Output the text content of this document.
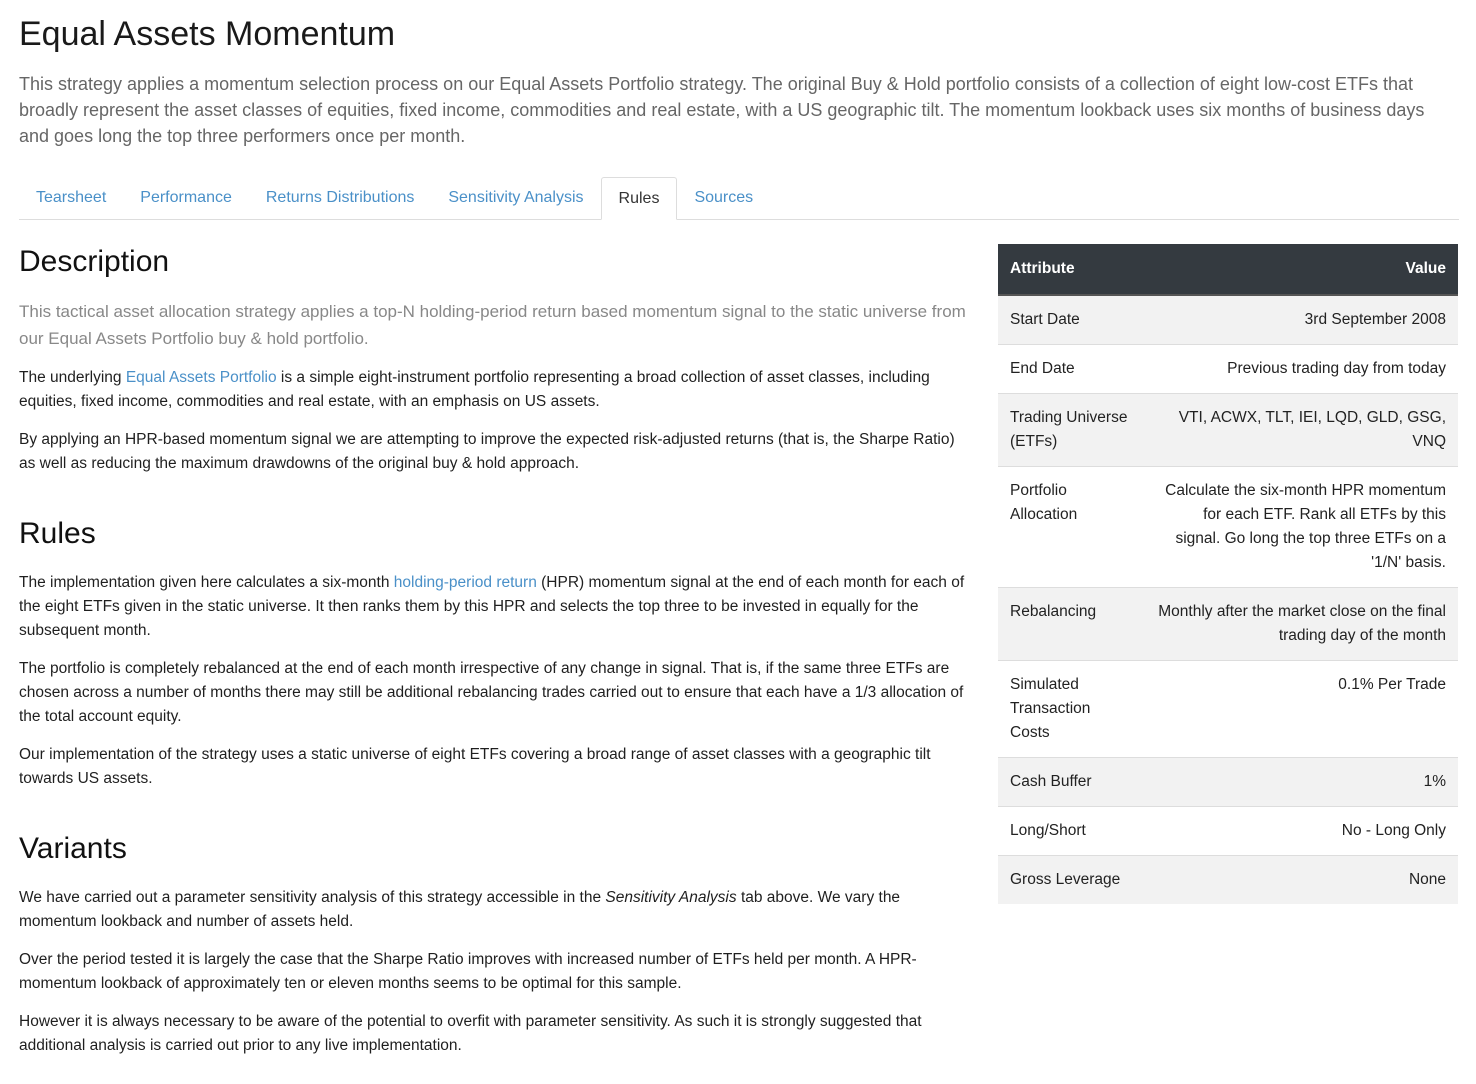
Equal Assets Momentum

This strategy applies a momentum selection process on our Equal Assets Portfolio strategy. The original Buy & Hold portfolio consists of a collection of eight low-cost ETFs that broadly represent the asset classes of equities, fixed income, commodities and real estate, with a US geographic tilt. The momentum lookback uses six months of business days and goes long the top three performers once per month.

Tearsheet	Performance	Returns Distributions	Sensitivity Analysis	Rules	Sources
Description

This tactical asset allocation strategy applies a top-N holding-period return based momentum signal to the static universe from our Equal Assets Portfolio buy & hold portfolio.

The underlying Equal Assets Portfolio is a simple eight-instrument portfolio representing a broad collection of asset classes, including equities, fixed income, commodities and real estate, with an emphasis on US assets.

By applying an HPR-based momentum signal we are attempting to improve the expected risk-adjusted returns (that is, the Sharpe Ratio) as well as reducing the maximum drawdowns of the original buy & hold approach.

Rules

The implementation given here calculates a six-month holding-period return (HPR) momentum signal at the end of each month for each of the eight ETFs given in the static universe. It then ranks them by this HPR and selects the top three to be invested in equally for the subsequent month.

The portfolio is completely rebalanced at the end of each month irrespective of any change in signal. That is, if the same three ETFs are chosen across a number of months there may still be additional rebalancing trades carried out to ensure that each have a 1/3 allocation of the total account equity.

Our implementation of the strategy uses a static universe of eight ETFs covering a broad range of asset classes with a geographic tilt towards US assets.

Variants

We have carried out a parameter sensitivity analysis of this strategy accessible in the Sensitivity Analysis tab above. We vary the momentum lookback and number of assets held.

Over the period tested it is largely the case that the Sharpe Ratio improves with increased number of ETFs held per month. A HPR-momentum lookback of approximately ten or eleven months seems to be optimal for this sample.

However it is always necessary to be aware of the potential to overfit with parameter sensitivity. As such it is strongly suggested that additional analysis is carried out prior to any live implementation.

Attribute	Value
Start Date	3rd September 2008
End Date	Previous trading day from today
Trading Universe (ETFs)	VTI, ACWX, TLT, IEI, LQD, GLD, GSG, VNQ
Portfolio Allocation	Calculate the six-month HPR momentum for each ETF. Rank all ETFs by this signal. Go long the top three ETFs on a '1/N' basis.
Rebalancing	Monthly after the market close on the final trading day of the month
Simulated Transaction Costs	0.1% Per Trade
Cash Buffer	1%
Long/Short	No - Long Only
Gross Leverage	None
